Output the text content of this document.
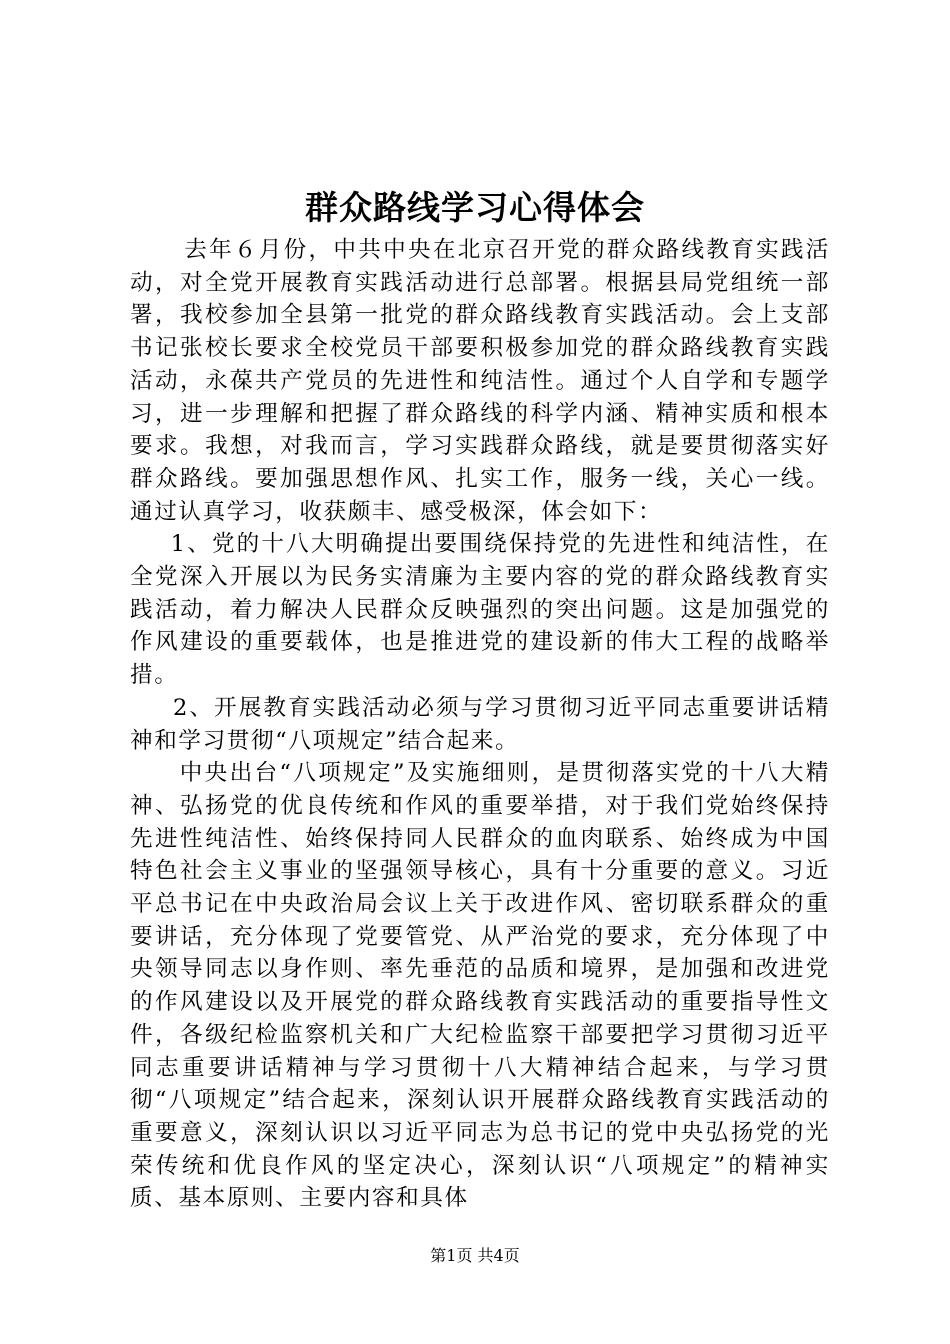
群众路线学习心得体会

去年６月份，中共中央在北京召开党的群众路线教育实践活动，对全党开展教育实践活动进行总部署。根据县局党组统一部署，我校参加全县第一批党的群众路线教育实践活动。会上支部书记张校长要求全校党员干部要积极参加党的群众路线教育实践活动，永葆共产党员的先进性和纯洁性。通过个人自学和专题学习，进一步理解和把握了群众路线的科学内涵、精神实质和根本要求。我想，对我而言，学习实践群众路线，就是要贯彻落实好群众路线。要加强思想作风、扎实工作，服务一线，关心一线。通过认真学习，收获颇丰、感受极深，体会如下：

1、党的十八大明确提出要围绕保持党的先进性和纯洁性，在全党深入开展以为民务实清廉为主要内容的党的群众路线教育实践活动，着力解决人民群众反映强烈的突出问题。这是加强党的作风建设的重要载体，也是推进党的建设新的伟大工程的战略举措。

2、开展教育实践活动必须与学习贯彻习近平同志重要讲话精神和学习贯彻“八项规定”结合起来。

中央出台“八项规定”及实施细则，是贯彻落实党的十八大精神、弘扬党的优良传统和作风的重要举措，对于我们党始终保持先进性纯洁性、始终保持同人民群众的血肉联系、始终成为中国特色社会主义事业的坚强领导核心，具有十分重要的意义。习近平总书记在中央政治局会议上关于改进作风、密切联系群众的重要讲话，充分体现了党要管党、从严治党的要求，充分体现了中央领导同志以身作则、率先垂范的品质和境界，是加强和改进党的作风建设以及开展党的群众路线教育实践活动的重要指导性文件，各级纪检监察机关和广大纪检监察干部要把学习贯彻习近平同志重要讲话精神与学习贯彻十八大精神结合起来，与学习贯彻“八项规定”结合起来，深刻认识开展群众路线教育实践活动的重要意义，深刻认识以习近平同志为总书记的党中央弘扬党的光荣传统和优良作风的坚定决心，深刻认识“八项规定”的精神实质、基本原则、主要内容和具体

第1页 共4页
